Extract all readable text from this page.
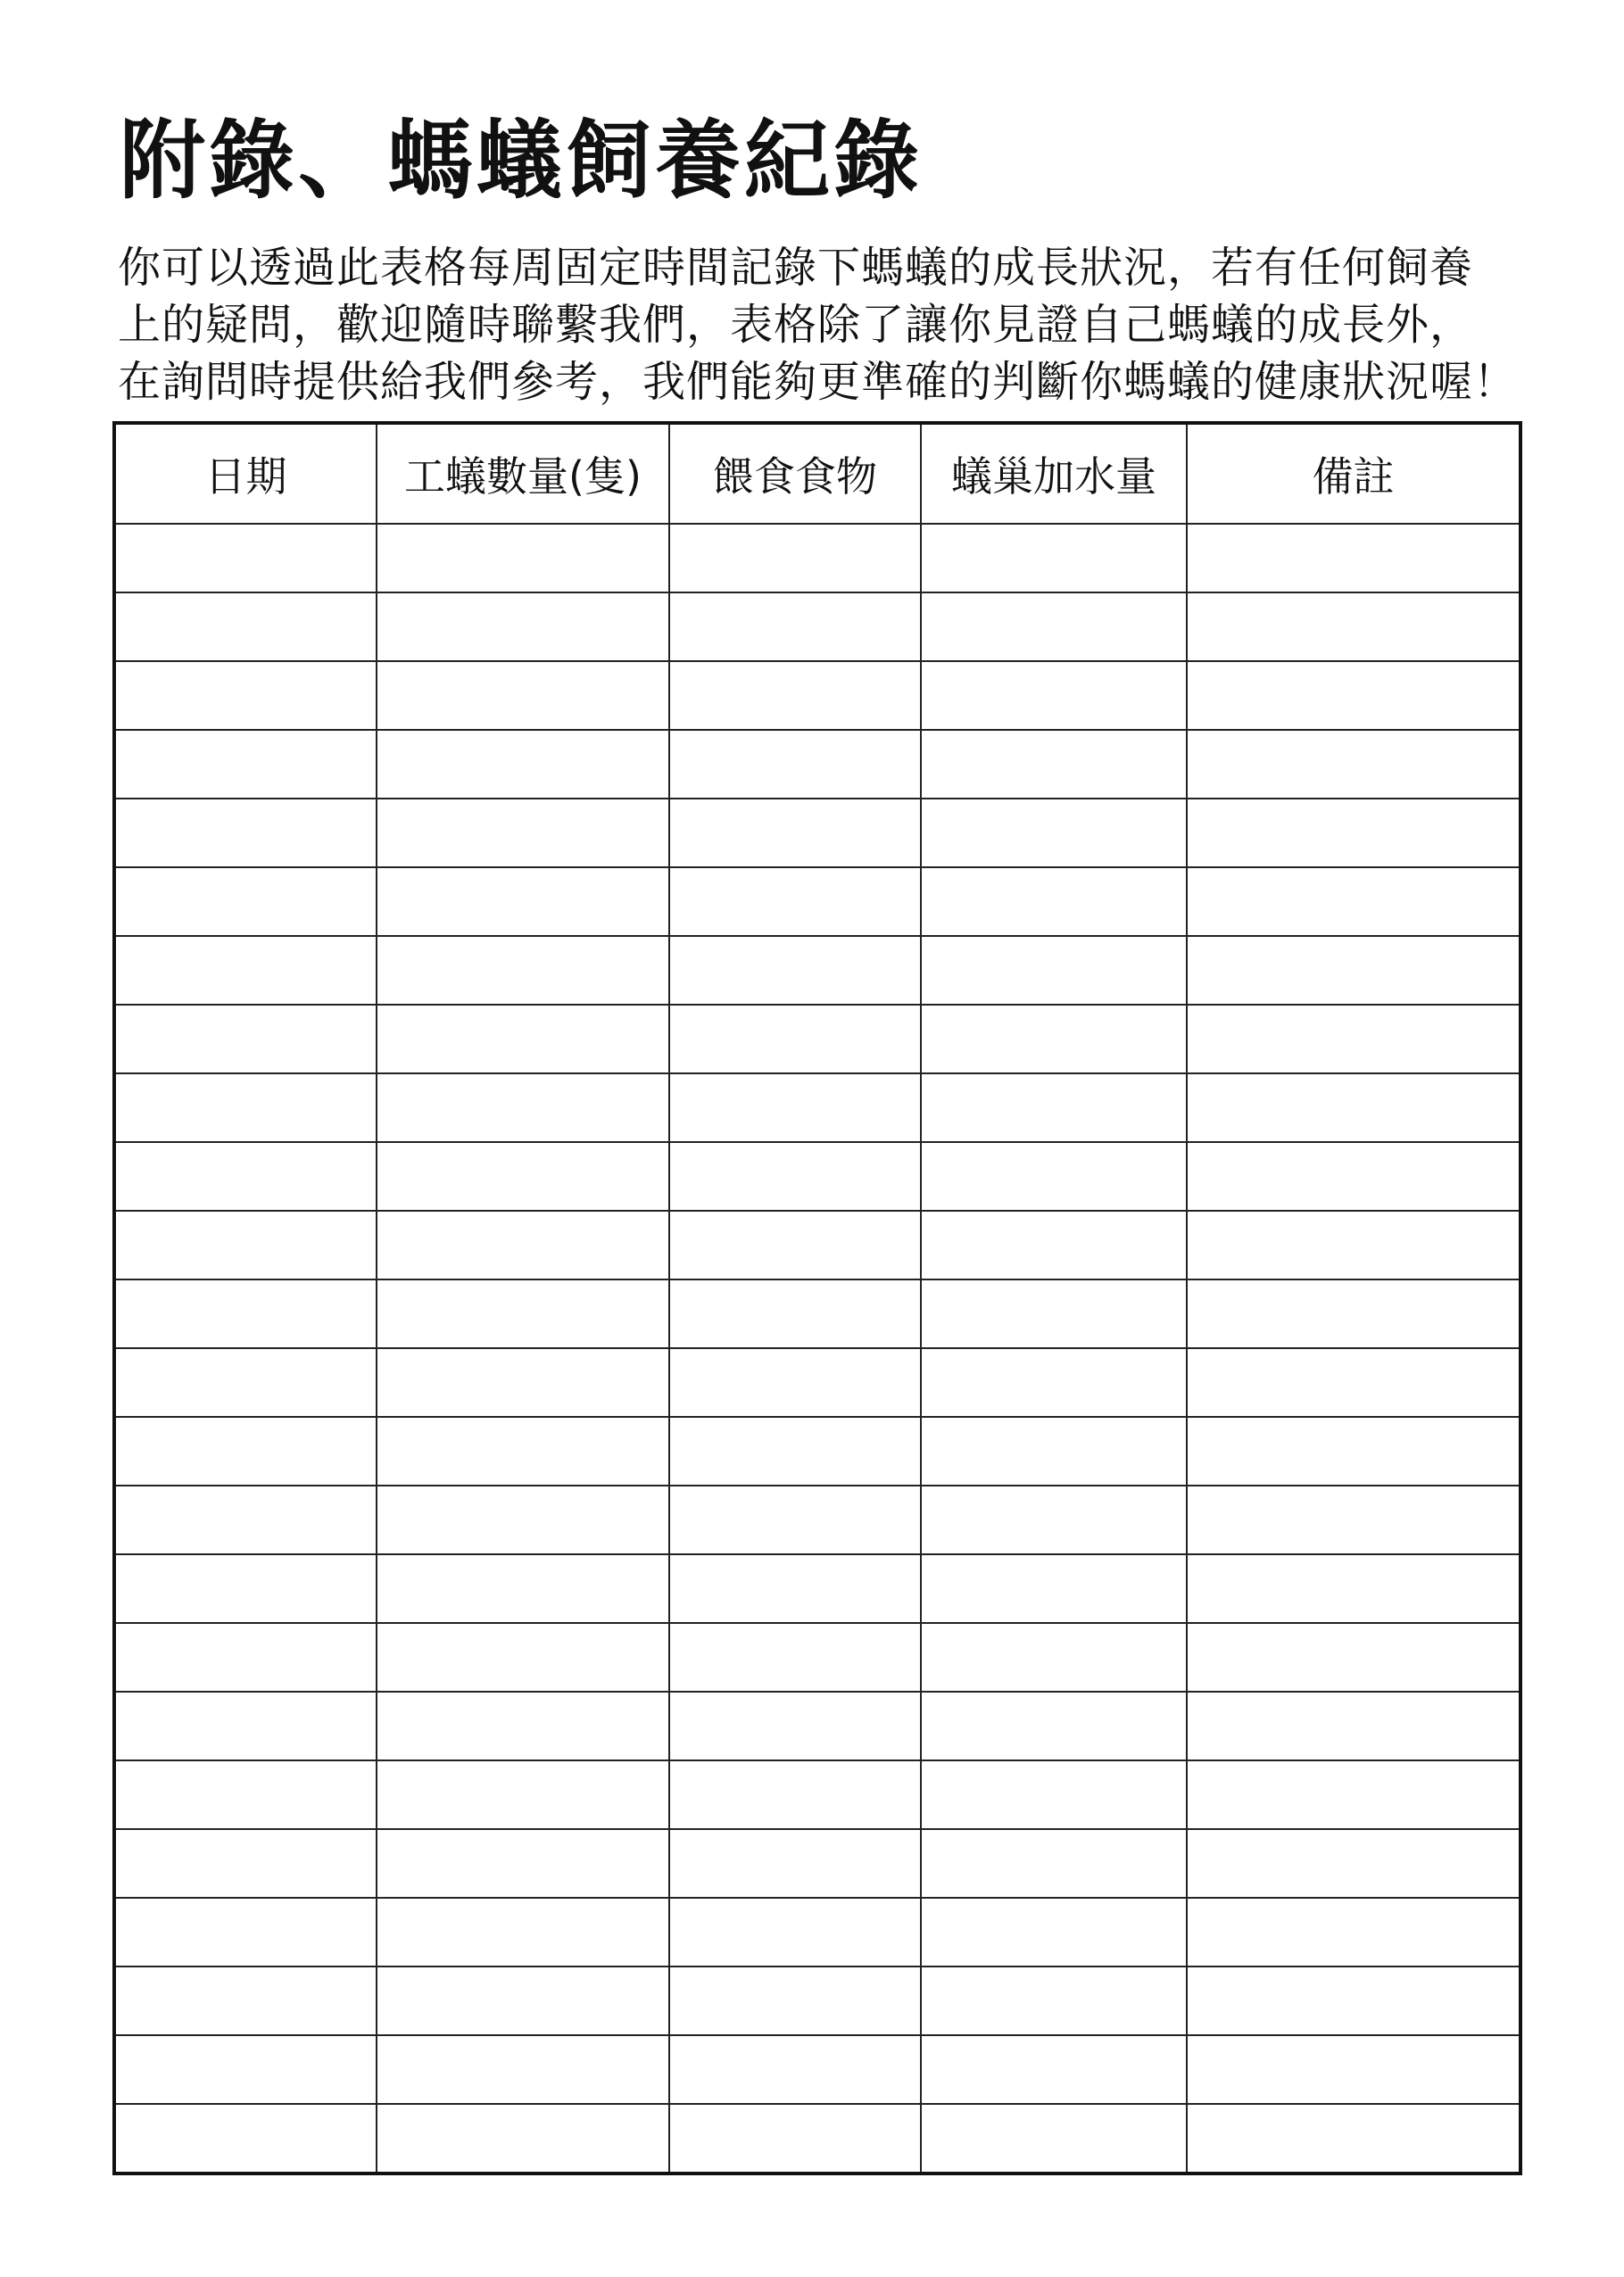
附錄、螞蟻飼養紀錄
你可以透過此表格每周固定時間記錄下螞蟻的成長狀況，若有任何飼養
上的疑問，歡迎隨時聯繫我們，表格除了讓你見證自己螞蟻的成長外，
在詢問時提供給我們參考，我們能夠更準確的判斷你螞蟻的健康狀況喔！
日期	工蟻數量(隻)	餵食食物	蟻巢加水量	備註
